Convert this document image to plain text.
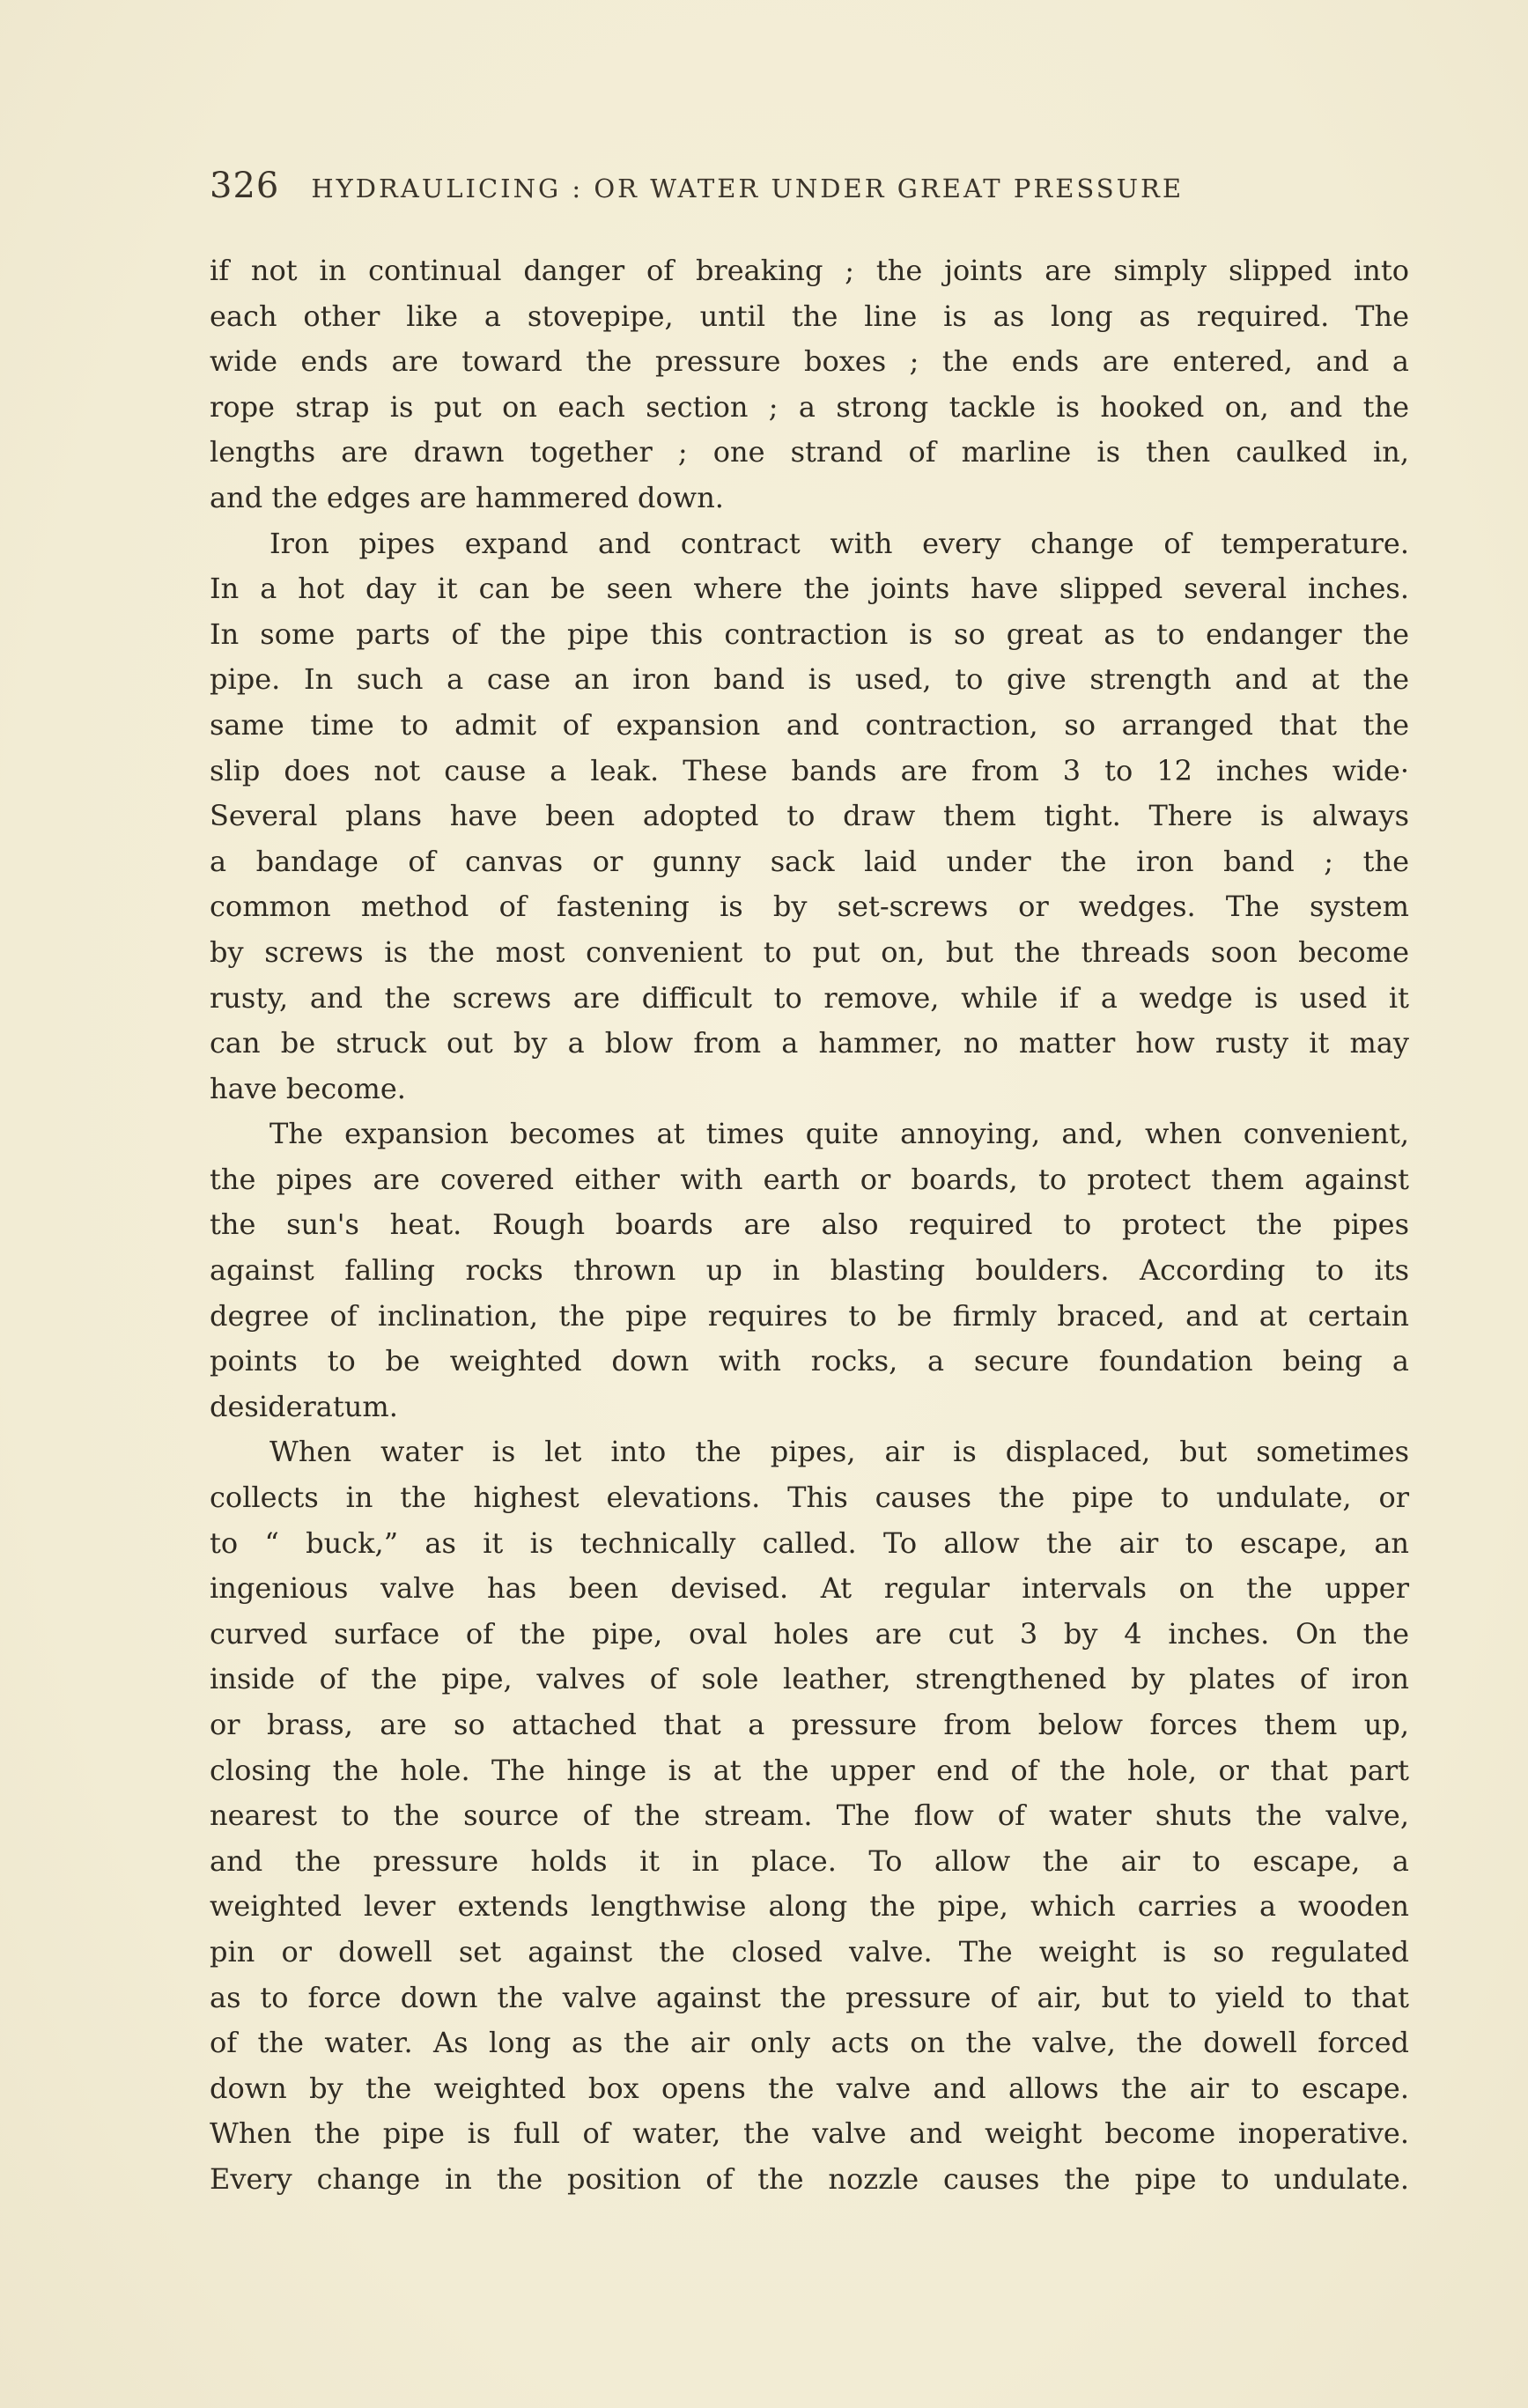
326 HYDRAULICING : OR WATER UNDER GREAT PRESSURE
if not in continual danger of breaking ; the joints are simply slipped into
each other like a stovepipe, until the line is as long as required. The
wide ends are toward the pressure boxes ; the ends are entered, and a
rope strap is put on each section ; a strong tackle is hooked on, and the
lengths are drawn together ; one strand of marline is then caulked in,
and the edges are hammered down.
Iron pipes expand and contract with every change of temperature.
In a hot day it can be seen where the joints have slipped several inches.
In some parts of the pipe this contraction is so great as to endanger the
pipe. In such a case an iron band is used, to give strength and at the
same time to admit of expansion and contraction, so arranged that the
slip does not cause a leak. These bands are from 3 to 12 inches wide·
Several plans have been adopted to draw them tight. There is always
a bandage of canvas or gunny sack laid under the iron band ; the
common method of fastening is by set-screws or wedges. The system
by screws is the most convenient to put on, but the threads soon become
rusty, and the screws are difficult to remove, while if a wedge is used it
can be struck out by a blow from a hammer, no matter how rusty it may
have become.
The expansion becomes at times quite annoying, and, when convenient,
the pipes are covered either with earth or boards, to protect them against
the sun's heat. Rough boards are also required to protect the pipes
against falling rocks thrown up in blasting boulders. According to its
degree of inclination, the pipe requires to be firmly braced, and at certain
points to be weighted down with rocks, a secure foundation being a
desideratum.
When water is let into the pipes, air is displaced, but sometimes
collects in the highest elevations. This causes the pipe to undulate, or
to “ buck,” as it is technically called. To allow the air to escape, an
ingenious valve has been devised. At regular intervals on the upper
curved surface of the pipe, oval holes are cut 3 by 4 inches. On the
inside of the pipe, valves of sole leather, strengthened by plates of iron
or brass, are so attached that a pressure from below forces them up,
closing the hole. The hinge is at the upper end of the hole, or that part
nearest to the source of the stream. The flow of water shuts the valve,
and the pressure holds it in place. To allow the air to escape, a
weighted lever extends lengthwise along the pipe, which carries a wooden
pin or dowell set against the closed valve. The weight is so regulated
as to force down the valve against the pressure of air, but to yield to that
of the water. As long as the air only acts on the valve, the dowell forced
down by the weighted box opens the valve and allows the air to escape.
When the pipe is full of water, the valve and weight become inoperative.
Every change in the position of the nozzle causes the pipe to undulate.
